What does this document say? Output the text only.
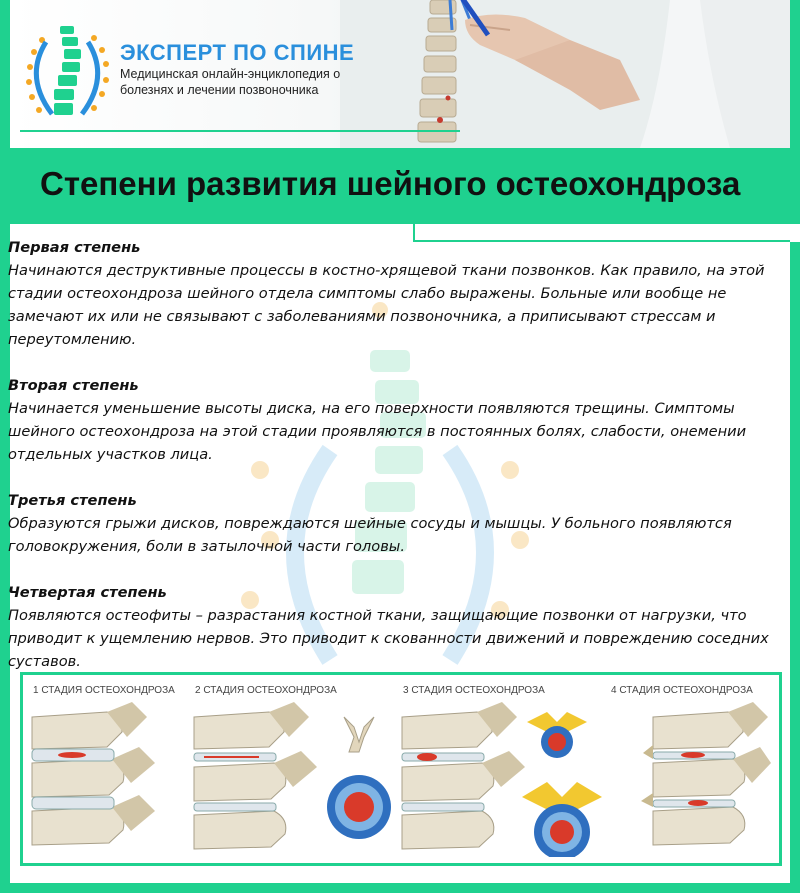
ЭКСПЕРТ ПО СПИНЕ
Медицинская онлайн-энциклопедия о болезнях и лечении позвоночника
Степени развития шейного остеохондроза
Первая степень
Начинаются деструктивные процессы в костно-хрящевой ткани позвонков. Как правило, на этой стадии остеохондроза шейного отдела симптомы слабо выражены. Больные или вообще не замечают их или не связывают с заболеваниями позвоночника, а приписывают стрессам и переутомлению.
Вторая степень
Начинается уменьшение высоты диска, на его поверхности появляются трещины. Симптомы шейного остеохондроза на этой стадии проявляются в постоянных болях, слабости, онемении отдельных участков лица.
Третья степень
Образуются грыжи дисков, повреждаются шейные сосуды и мышцы. У больного появляются головокружения, боли в затылочной части головы.
Четвертая степень
Появляются остеофиты – разрастания костной ткани, защищающие позвонки от нагрузки, что приводит к ущемлению нервов. Это приводит к скованности движений и повреждению соседних суставов.
1 СТАДИЯ ОСТЕОХОНДРОЗА 2 СТАДИЯ ОСТЕОХОНДРОЗА	3 СТАДИЯ ОСТЕОХОНДРОЗА	4 СТАДИЯ ОСТЕОХОНДРОЗА
